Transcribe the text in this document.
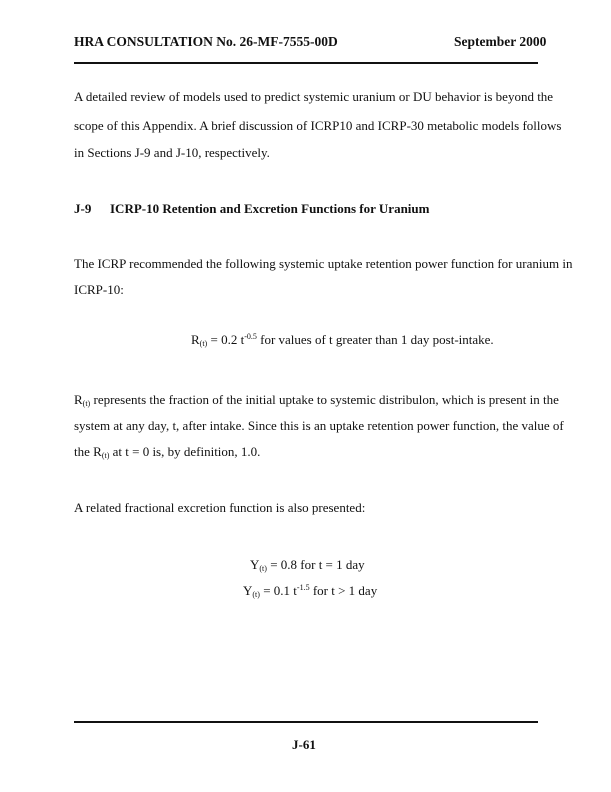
HRA CONSULTATION No. 26-MF-7555-00D	September 2000
A detailed review of models used to predict systemic uranium or DU behavior is beyond the
scope of this Appendix. A brief discussion of ICRP10 and ICRP-30 metabolic models follows
in Sections J-9 and J-10, respectively.
J-9 ICRP-10 Retention and Excretion Functions for Uranium
The ICRP recommended the following systemic uptake retention power function for uranium in
ICRP-10:
$R_{(t)} = 0.2$ $t^{-0.5}$ for values of t greater than 1 day post-intake.
$R_{(t)}$ represents the fraction of the initial uptake to systemic distribulon, which is present in the
system at any day, t, after intake. Since this is an uptake retention power function, the value of
the $R_{(t)}$ at t = 0 is, by definition, 1.0.
A related fractional excretion function is also presented:
$Y_{(t)} = 0.8$ for t = 1 day
$Y_{(t)} = 0.1$ $t^{-1.5}$ for t > 1 day
J-61
